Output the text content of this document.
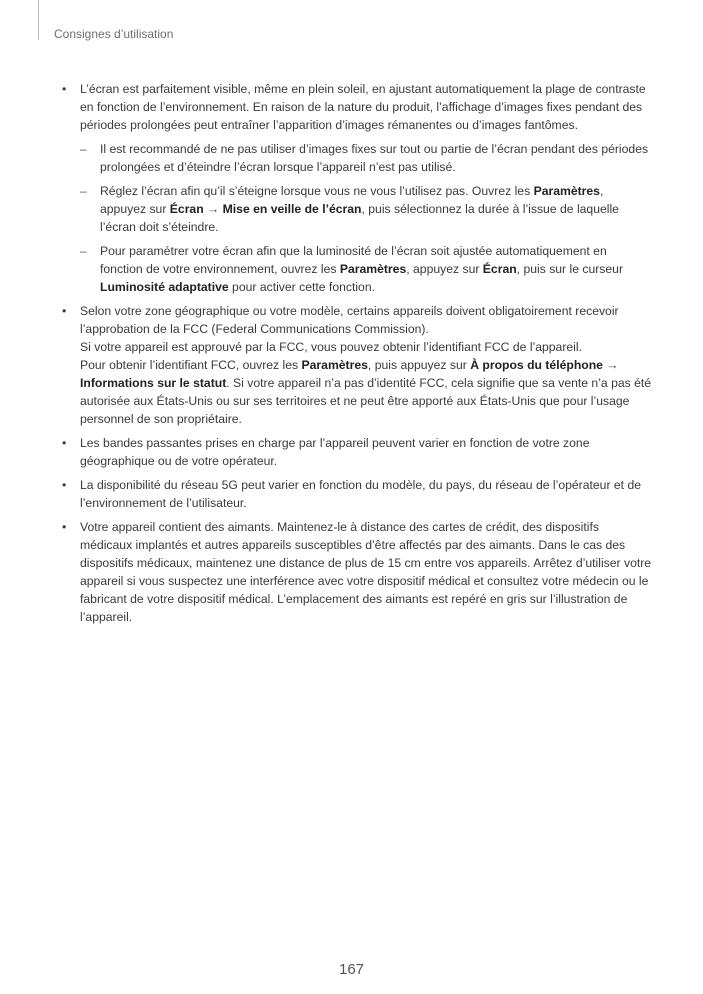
Consignes d’utilisation

• L’écran est parfaitement visible, même en plein soleil, en ajustant automatiquement la plage de contraste en fonction de l’environnement. En raison de la nature du produit, l’affichage d’images fixes pendant des périodes prolongées peut entraîner l’apparition d’images rémanentes ou d’images fantômes.

– Il est recommandé de ne pas utiliser d’images fixes sur tout ou partie de l’écran pendant des périodes prolongées et d’éteindre l’écran lorsque l’appareil n’est pas utilisé.
– Réglez l’écran afin qu’il s’éteigne lorsque vous ne vous l’utilisez pas. Ouvrez les Paramètres, appuyez sur Écran → Mise en veille de l’écran, puis sélectionnez la durée à l’issue de laquelle l’écran doit s’éteindre.
– Pour paramétrer votre écran afin que la luminosité de l’écran soit ajustée automatiquement en fonction de votre environnement, ouvrez les Paramètres, appuyez sur Écran, puis sur le curseur Luminosité adaptative pour activer cette fonction.

• Selon votre zone géographique ou votre modèle, certains appareils doivent obligatoirement recevoir l’approbation de la FCC (Federal Communications Commission).

Si votre appareil est approuvé par la FCC, vous pouvez obtenir l’identifiant FCC de l’appareil.
Pour obtenir l’identifiant FCC, ouvrez les Paramètres, puis appuyez sur À propos du téléphone → Informations sur le statut. Si votre appareil n’a pas d’identité FCC, cela signifie que sa vente n’a pas été autorisée aux États-Unis ou sur ses territoires et ne peut être apporté aux États-Unis que pour l’usage personnel de son propriétaire.

• Les bandes passantes prises en charge par l’appareil peuvent varier en fonction de votre zone géographique ou de votre opérateur.

• La disponibilité du réseau 5G peut varier en fonction du modèle, du pays, du réseau de l’opérateur et de l’environnement de l’utilisateur.

• Votre appareil contient des aimants. Maintenez-le à distance des cartes de crédit, des dispositifs médicaux implantés et autres appareils susceptibles d’être affectés par des aimants. Dans le cas des dispositifs médicaux, maintenez une distance de plus de 15 cm entre vos appareils. Arrêtez d’utiliser votre appareil si vous suspectez une interférence avec votre dispositif médical et consultez votre médecin ou le fabricant de votre dispositif médical. L’emplacement des aimants est repéré en gris sur l’illustration de l’appareil.

167
